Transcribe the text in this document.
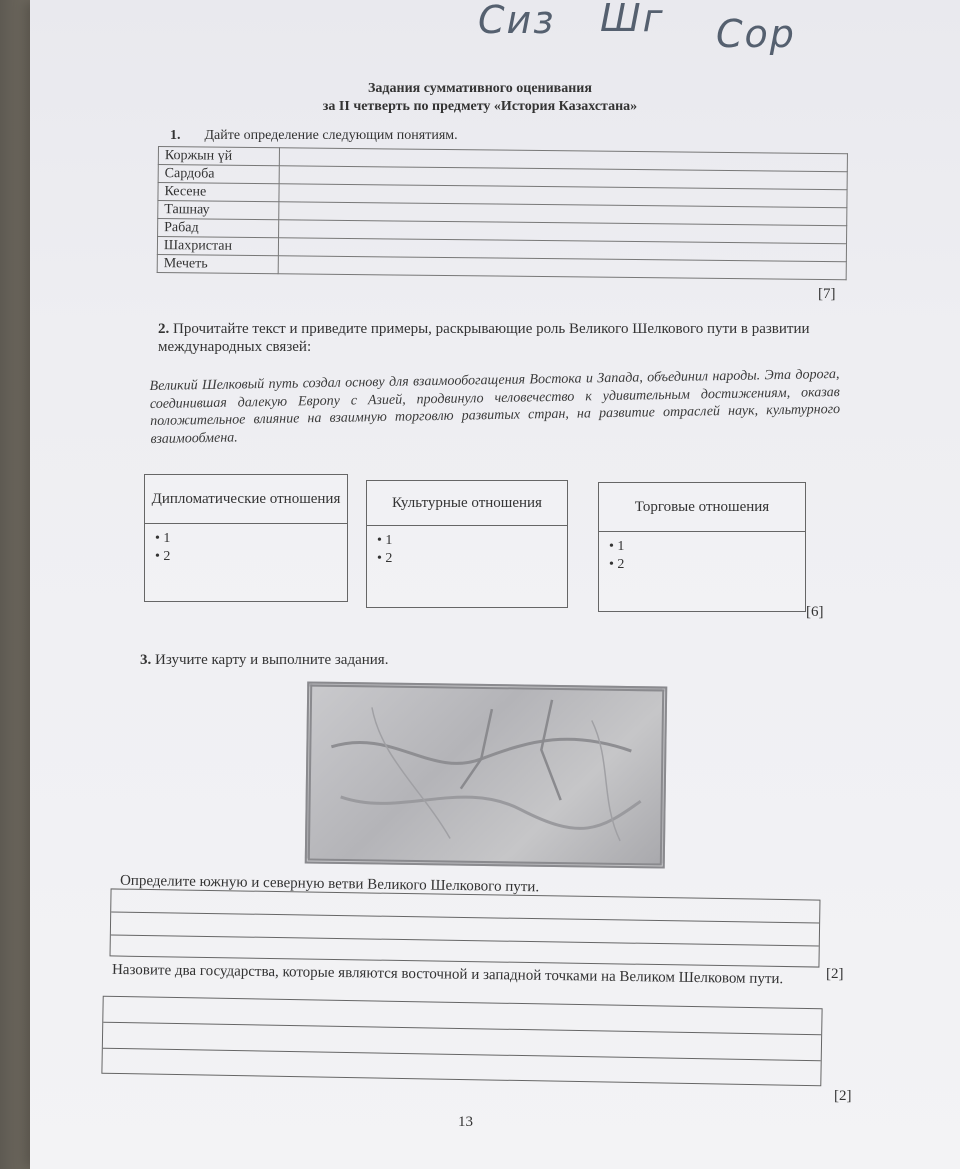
Сиз Шг Сор
Задания суммативного оценивания
за II четверть по предмету «История Казахстана»
1. Дайте определение следующим понятиям.
Коржын үй	
Сардоба	
Кесене	
Ташнау	
Рабад	
Шахристан	
Мечеть	
[7]
2. Прочитайте текст и приведите примеры, раскрывающие роль Великого Шелкового пути в развитии международных связей:
Великий Шелковый путь создал основу для взаимообогащения Востока и Запада, объединил народы. Эта дорога, соединившая далекую Европу с Азией, продвинуло человечество к удивительным достижениям, оказав положительное влияние на взаимную торговлю развитых стран, на развитие отраслей наук, культурного взаимообмена.
Дипломатические отношения
• 1
• 2
Культурные отношения
• 1
• 2
Торговые отношения
• 1
• 2
[6]
3. Изучите карту и выполните задания.
Определите южную и северную ветви Великого Шелкового пути.
[2]
Назовите два государства, которые являются восточной и западной точками на Великом Шелковом пути.
[2]
13
